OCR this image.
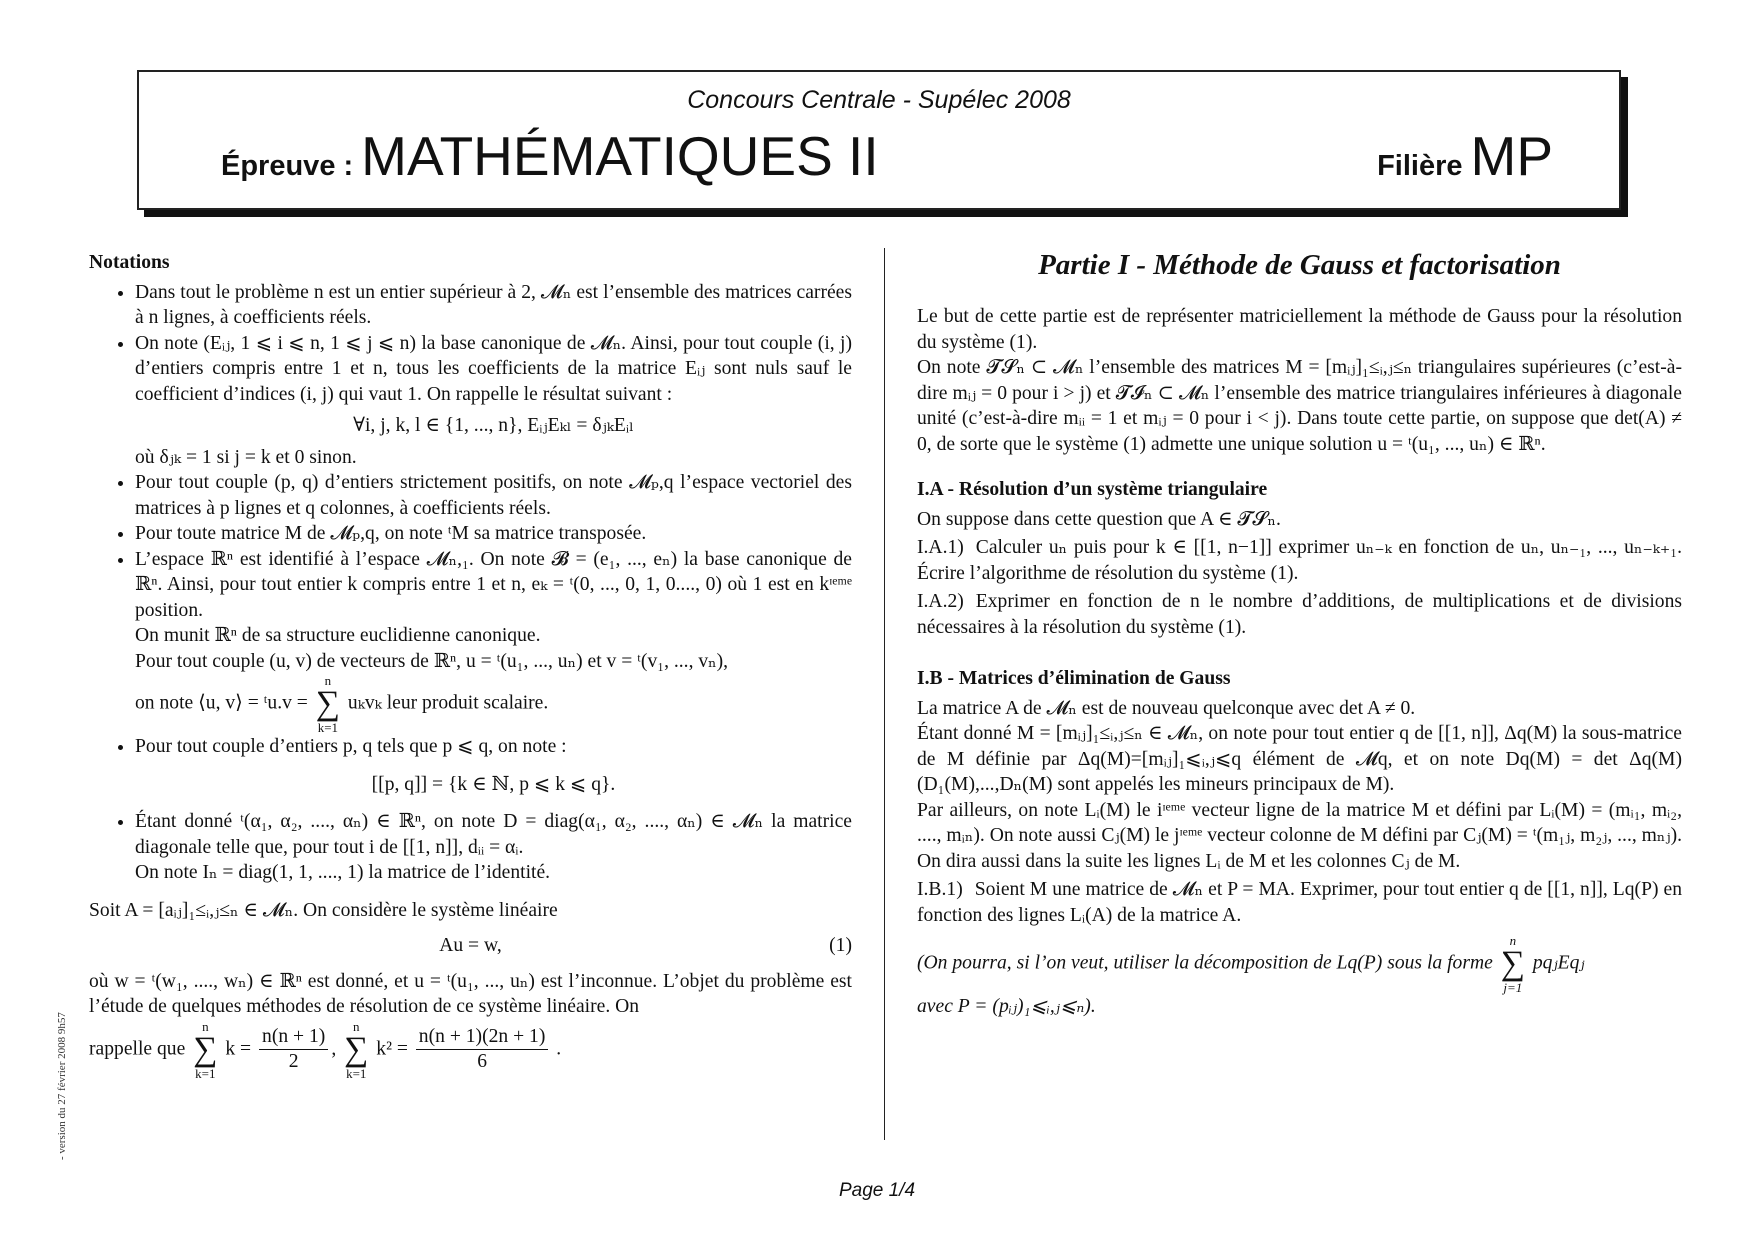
Concours Centrale - Supélec 2008
Épreuve : MATHÉMATIQUES II	Filière MP
Notations
• Dans tout le problème n est un entier supérieur à 2, 𝓜ₙ est l’ensemble des matrices carrées à n lignes, à coefficients réels.
• On note (Eᵢⱼ, 1 ⩽ i ⩽ n, 1 ⩽ j ⩽ n) la base canonique de 𝓜ₙ. Ainsi, pour tout couple (i, j) d’entiers compris entre 1 et n, tous les coefficients de la matrice Eᵢⱼ sont nuls sauf le coefficient d’indices (i, j) qui vaut 1. On rappelle le résultat suivant :
∀i, j, k, l ∈ {1, ..., n}, EᵢⱼEₖₗ = δⱼₖEᵢₗ
où δⱼₖ = 1 si j = k et 0 sinon.
• Pour tout couple (p, q) d’entiers strictement positifs, on note 𝓜ₚ,q l’espace vectoriel des matrices à p lignes et q colonnes, à coefficients réels.
• Pour toute matrice M de 𝓜ₚ,q, on note ᵗM sa matrice transposée.
• L’espace ℝⁿ est identifié à l’espace 𝓜ₙ,₁. On note 𝓑 = (e₁, ..., eₙ) la base canonique de ℝⁿ. Ainsi, pour tout entier k compris entre 1 et n, eₖ = ᵗ(0, ..., 0, 1, 0...., 0) où 1 est en kᶦᵉᵐᵉ position.
On munit ℝⁿ de sa structure euclidienne canonique.
Pour tout couple (u, v) de vecteurs de ℝⁿ, u = ᵗ(u₁, ..., uₙ) et v = ᵗ(v₁, ..., vₙ),
on note ⟨u, v⟩ = ᵗu.v =
n
∑
k=1
uₖvₖ leur produit scalaire.
• Pour tout couple d’entiers p, q tels que p ⩽ q, on note :
[[p, q]] = {k ∈ ℕ, p ⩽ k ⩽ q}.
• Étant donné ᵗ(α₁, α₂, ...., αₙ) ∈ ℝⁿ, on note D = diag(α₁, α₂, ...., αₙ) ∈ 𝓜ₙ la matrice diagonale telle que, pour tout i de [[1, n]], dᵢᵢ = αᵢ.
On note Iₙ = diag(1, 1, ...., 1) la matrice de l’identité.
Soit A = [aᵢⱼ]₁≤ᵢ,ⱼ≤ₙ ∈ 𝓜ₙ. On considère le système linéaire
Au = w,	(1)
où w = ᵗ(w₁, ...., wₙ) ∈ ℝⁿ est donné, et u = ᵗ(u₁, ..., uₙ) est l’inconnue. L’objet du problème est l’étude de quelques méthodes de résolution de ce système linéaire. On
rappelle que
n
∑
k=1
$k = \frac{n(n + 1)}{2}$ ,
n
∑
k=1
$k^2 = \frac{n(n + 1)(2n + 1)}{6}$ .
Partie I - Méthode de Gauss et factorisation
Le but de cette partie est de représenter matriciellement la méthode de Gauss pour la résolution du système (1).
On note 𝓣𝓢ₙ ⊂ 𝓜ₙ l’ensemble des matrices M = [mᵢⱼ]₁≤ᵢ,ⱼ≤ₙ triangulaires supérieures (c’est-à-dire mᵢⱼ = 0 pour i > j) et 𝓣𝓘ₙ ⊂ 𝓜ₙ l’ensemble des matrice triangulaires inférieures à diagonale unité (c’est-à-dire mᵢᵢ = 1 et mᵢⱼ = 0 pour i < j). Dans toute cette partie, on suppose que det(A) ≠ 0, de sorte que le système (1) admette une unique solution u = ᵗ(u₁, ..., uₙ) ∈ ℝⁿ.
I.A - Résolution d’un système triangulaire
On suppose dans cette question que A ∈ 𝓣𝓢ₙ.
I.A.1) Calculer uₙ puis pour k ∈ [[1, n−1]] exprimer uₙ₋ₖ en fonction de uₙ, uₙ₋₁, ..., uₙ₋ₖ₊₁. Écrire l’algorithme de résolution du système (1).
I.A.2) Exprimer en fonction de n le nombre d’additions, de multiplications et de divisions nécessaires à la résolution du système (1).
I.B - Matrices d’élimination de Gauss
La matrice A de 𝓜ₙ est de nouveau quelconque avec det A ≠ 0.
Étant donné M = [mᵢⱼ]₁≤ᵢ,ⱼ≤ₙ ∈ 𝓜ₙ, on note pour tout entier q de [[1, n]], Δq(M) la sous-matrice de M définie par Δq(M)=[mᵢⱼ]₁⩽ᵢ,ⱼ⩽q élément de 𝓜q, et on note Dq(M) = det Δq(M) (D₁(M),...,Dₙ(M) sont appelés les mineurs principaux de M).
Par ailleurs, on note Lᵢ(M) le iᶦᵉᵐᵉ vecteur ligne de la matrice M et défini par Lᵢ(M) = (mᵢ₁, mᵢ₂, ...., mᵢₙ). On note aussi Cⱼ(M) le jᶦᵉᵐᵉ vecteur colonne de M défini par Cⱼ(M) = ᵗ(m₁ⱼ, m₂ⱼ, ..., mₙⱼ). On dira aussi dans la suite les lignes Lᵢ de M et les colonnes Cⱼ de M.
I.B.1) Soient M une matrice de 𝓜ₙ et P = MA. Exprimer, pour tout entier q de [[1, n]], Lq(P) en fonction des lignes Lᵢ(A) de la matrice A.
(On pourra, si l’on veut, utiliser la décomposition de Lq(P) sous la forme
n
∑
j=1
pqⱼEqⱼ
avec P = (pᵢⱼ)₁⩽ᵢ,ⱼ⩽ₙ).
- version du 27 février 2008 9h57
Page 1/4
